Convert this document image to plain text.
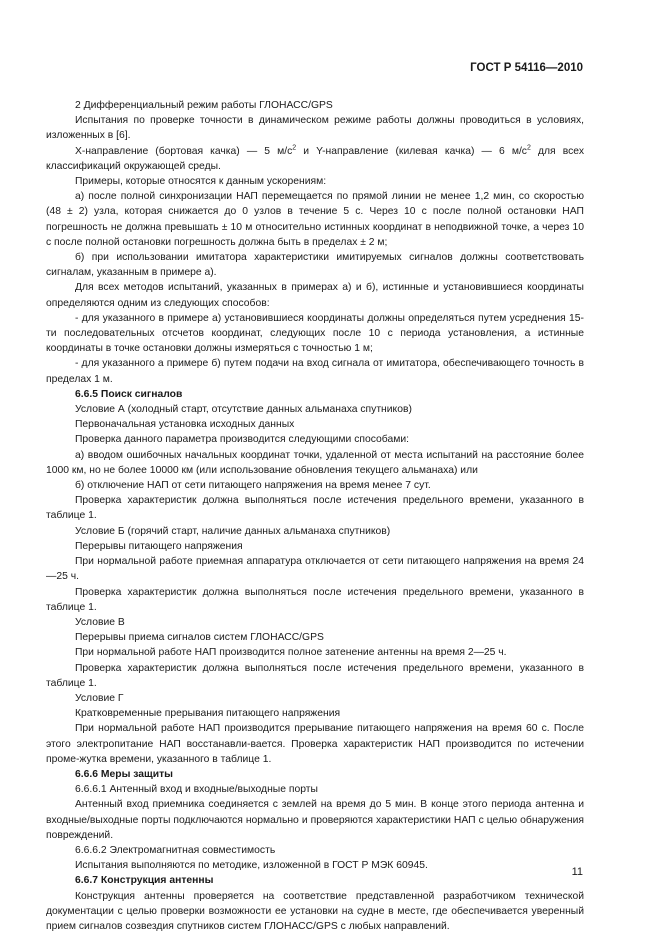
ГОСТ Р 54116—2010

2 Дифференциальный режим работы ГЛОНАСС/GPS

Испытания по проверке точности в динамическом режиме работы должны проводиться в условиях, изложенных в [6].

Х-направление (бортовая качка) — 5 $м/с^2$ и Y-направление (килевая качка) — 6 $м/с^2$ для всех классификаций окружающей среды.

Примеры, которые относятся к данным ускорениям:

а) после полной синхронизации НАП перемещается по прямой линии не менее 1,2 мин, со скоростью (48 ± 2) узла, которая снижается до 0 узлов в течение 5 с. Через 10 с после полной остановки НАП погрешность не должна превышать ± 10 м относительно истинных координат в неподвижной точке, а через 10 с после полной остановки погрешность должна быть в пределах ± 2 м;

б) при использовании имитатора характеристики имитируемых сигналов должны соответствовать сигналам, указанным в примере а).

Для всех методов испытаний, указанных в примерах а) и б), истинные и установившиеся координаты определяются одним из следующих способов:

- для указанного в примере а) установившиеся координаты должны определяться путем усреднения 15-ти последовательных отсчетов координат, следующих после 10 с периода установления, а истинные координаты в точке остановки должны измеряться с точностью 1 м;

- для указанного а примере б) путем подачи на вход сигнала от имитатора, обеспечивающего точность в пределах 1 м.

6.6.5 Поиск сигналов

Условие А (холодный старт, отсутствие данных альманаха спутников)

Первоначальная установка исходных данных

Проверка данного параметра производится следующими способами:

а) вводом ошибочных начальных координат точки, удаленной от места испытаний на расстояние более 1000 км, но не более 10000 км (или использование обновления текущего альманаха) или

б) отключение НАП от сети питающего напряжения на время менее 7 сут.

Проверка характеристик должна выполняться после истечения предельного времени, указанного в таблице 1.

Условие Б (горячий старт, наличие данных альманаха спутников)

Перерывы питающего напряжения

При нормальной работе приемная аппаратура отключается от сети питающего напряжения на время 24—25 ч.

Проверка характеристик должна выполняться после истечения предельного времени, указанного в таблице 1.

Условие В

Перерывы приема сигналов систем ГЛОНАСС/GPS

При нормальной работе НАП производится полное затенение антенны на время 2—25 ч.

Проверка характеристик должна выполняться после истечения предельного времени, указанного в таблице 1.

Условие Г

Кратковременные прерывания питающего напряжения

При нормальной работе НАП производится прерывание питающего напряжения на время 60 с. После этого электропитание НАП восстанавли-вается. Проверка характеристик НАП производится по истечении проме-жутка времени, указанного в таблице 1.

6.6.6 Меры защиты

6.6.6.1 Антенный вход и входные/выходные порты

Антенный вход приемника соединяется с землей на время до 5 мин. В конце этого периода антенна и входные/выходные порты подключаются нормально и проверяются характеристики НАП с целью обнаружения повреждений.

6.6.6.2 Электромагнитная совместимость

Испытания выполняются по методике, изложенной в ГОСТ Р МЭК 60945.

6.6.7 Конструкция антенны

Конструкция антенны проверяется на соответствие представленной разработчиком технической документации с целью проверки возможности ее установки на судне в месте, где обеспечивается уверенный прием сигналов созвездия спутников систем ГЛОНАСС/GPS с любых направлений.

11
